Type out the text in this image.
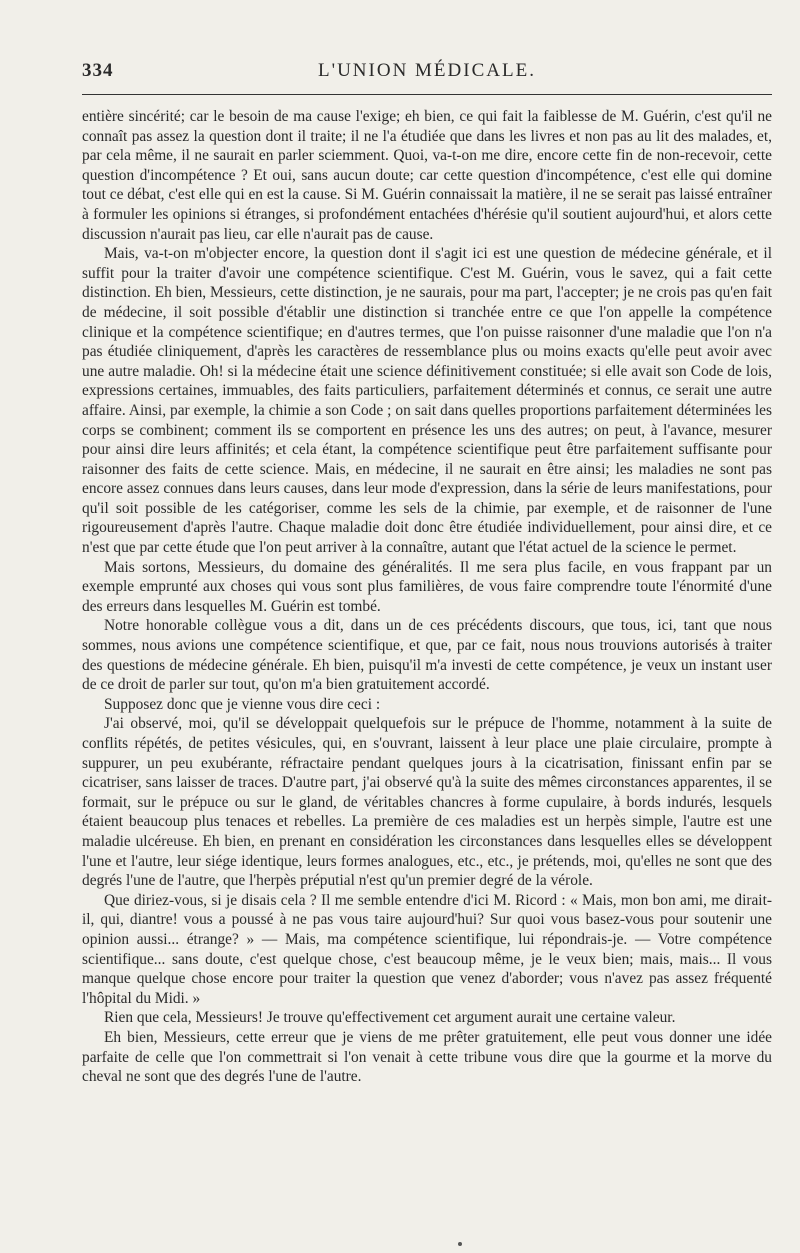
334	L'UNION MÉDICALE.

entière sincérité; car le besoin de ma cause l'exige; eh bien, ce qui fait la faiblesse de M. Guérin, c'est qu'il ne connaît pas assez la question dont il traite; il ne l'a étudiée que dans les livres et non pas au lit des malades, et, par cela même, il ne saurait en parler sciemment. Quoi, va-t-on me dire, encore cette fin de non-recevoir, cette question d'incompétence ? Et oui, sans aucun doute; car cette question d'incompétence, c'est elle qui domine tout ce débat, c'est elle qui en est la cause. Si M. Guérin connaissait la matière, il ne se serait pas laissé entraîner à formuler les opinions si étranges, si profondément entachées d'hérésie qu'il soutient aujourd'hui, et alors cette discussion n'aurait pas lieu, car elle n'aurait pas de cause.

Mais, va-t-on m'objecter encore, la question dont il s'agit ici est une question de médecine générale, et il suffit pour la traiter d'avoir une compétence scientifique. C'est M. Guérin, vous le savez, qui a fait cette distinction. Eh bien, Messieurs, cette distinction, je ne saurais, pour ma part, l'accepter; je ne crois pas qu'en fait de médecine, il soit possible d'établir une distinction si tranchée entre ce que l'on appelle la compétence clinique et la compétence scientifique; en d'autres termes, que l'on puisse raisonner d'une maladie que l'on n'a pas étudiée cliniquement, d'après les caractères de ressemblance plus ou moins exacts qu'elle peut avoir avec une autre maladie. Oh! si la médecine était une science définitivement constituée; si elle avait son Code de lois, expressions certaines, immuables, des faits particuliers, parfaitement déterminés et connus, ce serait une autre affaire. Ainsi, par exemple, la chimie a son Code ; on sait dans quelles proportions parfaitement déterminées les corps se combinent; comment ils se comportent en présence les uns des autres; on peut, à l'avance, mesurer pour ainsi dire leurs affinités; et cela étant, la compétence scientifique peut être parfaitement suffisante pour raisonner des faits de cette science. Mais, en médecine, il ne saurait en être ainsi; les maladies ne sont pas encore assez connues dans leurs causes, dans leur mode d'expression, dans la série de leurs manifestations, pour qu'il soit possible de les catégoriser, comme les sels de la chimie, par exemple, et de raisonner de l'une rigoureusement d'après l'autre. Chaque maladie doit donc être étudiée individuellement, pour ainsi dire, et ce n'est que par cette étude que l'on peut arriver à la connaître, autant que l'état actuel de la science le permet.

Mais sortons, Messieurs, du domaine des généralités. Il me sera plus facile, en vous frappant par un exemple emprunté aux choses qui vous sont plus familières, de vous faire comprendre toute l'énormité d'une des erreurs dans lesquelles M. Guérin est tombé.

Notre honorable collègue vous a dit, dans un de ces précédents discours, que tous, ici, tant que nous sommes, nous avions une compétence scientifique, et que, par ce fait, nous nous trouvions autorisés à traiter des questions de médecine générale. Eh bien, puisqu'il m'a investi de cette compétence, je veux un instant user de ce droit de parler sur tout, qu'on m'a bien gratuitement accordé.

Supposez donc que je vienne vous dire ceci :

J'ai observé, moi, qu'il se développait quelquefois sur le prépuce de l'homme, notamment à la suite de conflits répétés, de petites vésicules, qui, en s'ouvrant, laissent à leur place une plaie circulaire, prompte à suppurer, un peu exubérante, réfractaire pendant quelques jours à la cicatrisation, finissant enfin par se cicatriser, sans laisser de traces. D'autre part, j'ai observé qu'à la suite des mêmes circonstances apparentes, il se formait, sur le prépuce ou sur le gland, de véritables chancres à forme cupulaire, à bords indurés, lesquels étaient beaucoup plus tenaces et rebelles. La première de ces maladies est un herpès simple, l'autre est une maladie ulcéreuse. Eh bien, en prenant en considération les circonstances dans lesquelles elles se développent l'une et l'autre, leur siége identique, leurs formes analogues, etc., etc., je prétends, moi, qu'elles ne sont que des degrés l'une de l'autre, que l'herpès préputial n'est qu'un premier degré de la vérole.

Que diriez-vous, si je disais cela ? Il me semble entendre d'ici M. Ricord : « Mais, mon bon ami, me dirait-il, qui, diantre! vous a poussé à ne pas vous taire aujourd'hui? Sur quoi vous basez-vous pour soutenir une opinion aussi... étrange? » — Mais, ma compétence scientifique, lui répondrais-je. — Votre compétence scientifique... sans doute, c'est quelque chose, c'est beaucoup même, je le veux bien; mais, mais... Il vous manque quelque chose encore pour traiter la question que venez d'aborder; vous n'avez pas assez fréquenté l'hôpital du Midi. »

Rien que cela, Messieurs! Je trouve qu'effectivement cet argument aurait une certaine valeur.

Eh bien, Messieurs, cette erreur que je viens de me prêter gratuitement, elle peut vous donner une idée parfaite de celle que l'on commettrait si l'on venait à cette tribune vous dire que la gourme et la morve du cheval ne sont que des degrés l'une de l'autre.
